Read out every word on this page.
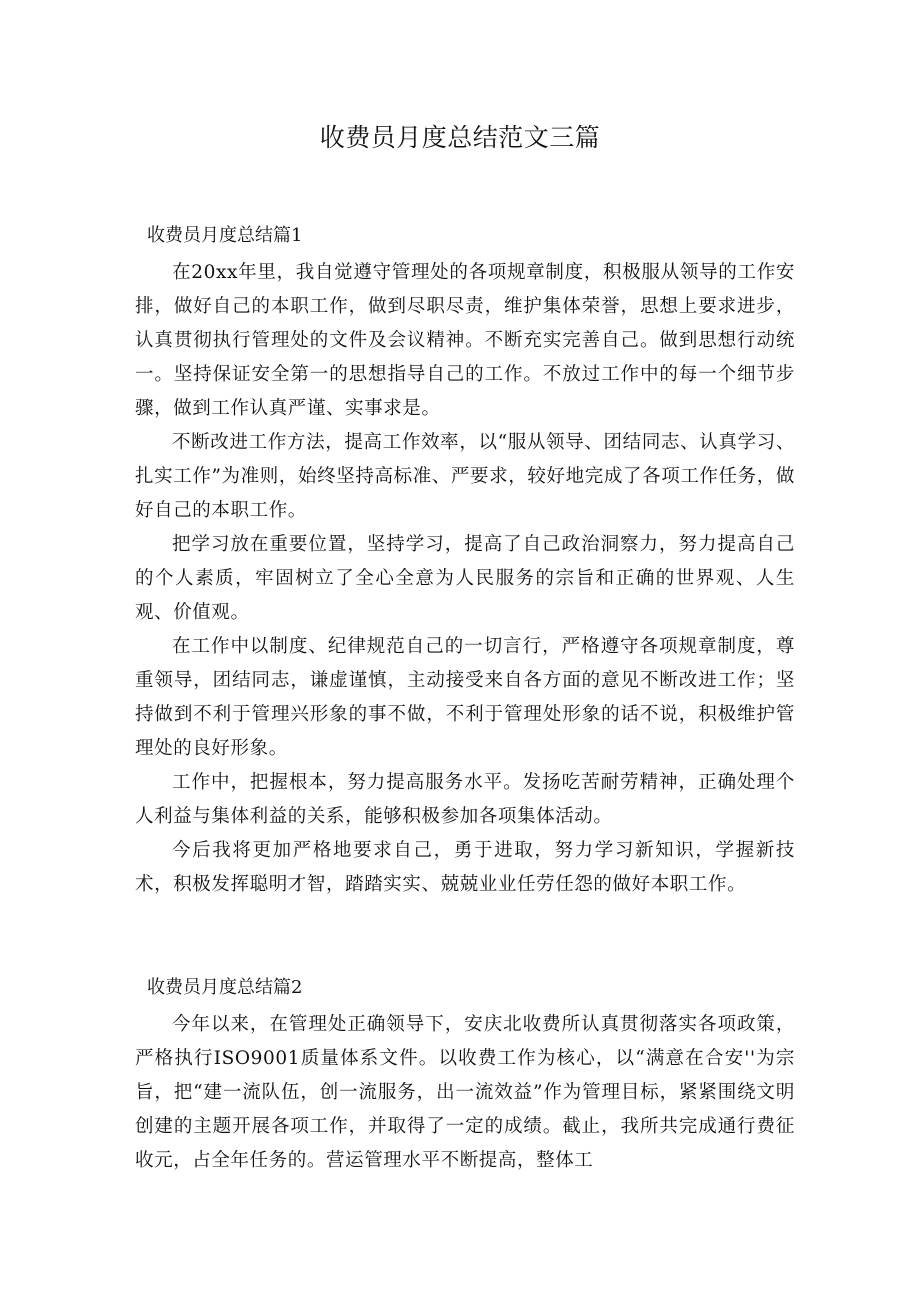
收费员月度总结范文三篇
收费员月度总结篇1

在20xx年里，我自觉遵守管理处的各项规章制度，积极服从领导的工作安排，做好自己的本职工作，做到尽职尽责，维护集体荣誉，思想上要求进步，认真贯彻执行管理处的文件及会议精神。不断充实完善自己。做到思想行动统一。坚持保证安全第一的思想指导自己的工作。不放过工作中的每一个细节步骤，做到工作认真严谨、实事求是。

不断改进工作方法，提高工作效率，以“服从领导、团结同志、认真学习、扎实工作”为准则，始终坚持高标准、严要求，较好地完成了各项工作任务，做好自己的本职工作。

把学习放在重要位置，坚持学习，提高了自己政治洞察力，努力提高自己的个人素质，牢固树立了全心全意为人民服务的宗旨和正确的世界观、人生观、价值观。

在工作中以制度、纪律规范自己的一切言行，严格遵守各项规章制度，尊重领导，团结同志，谦虚谨慎，主动接受来自各方面的意见不断改进工作；坚持做到不利于管理兴形象的事不做，不利于管理处形象的话不说，积极维护管理处的良好形象。

工作中，把握根本，努力提高服务水平。发扬吃苦耐劳精神，正确处理个人利益与集体利益的关系，能够积极参加各项集体活动。

今后我将更加严格地要求自己，勇于进取，努力学习新知识，学握新技术，积极发挥聪明才智，踏踏实实、兢兢业业任劳任怨的做好本职工作。

收费员月度总结篇2

今年以来，在管理处正确领导下，安庆北收费所认真贯彻落实各项政策，严格执行ISO9001质量体系文件。以收费工作为核心，以“满意在合安''为宗旨，把“建一流队伍，创一流服务，出一流效益”作为管理目标，紧紧围绕文明创建的主题开展各项工作，并取得了一定的成绩。截止，我所共完成通行费征收元，占全年任务的。营运管理水平不断提高，整体工
